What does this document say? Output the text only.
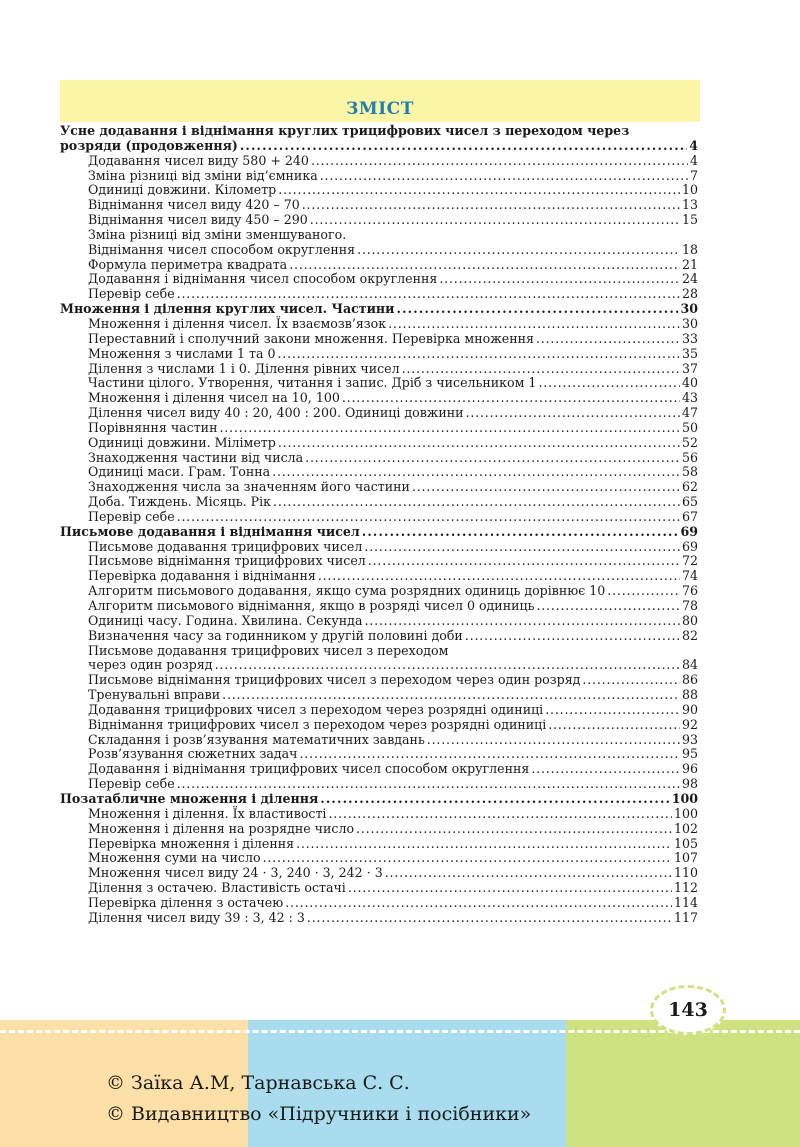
ЗМІСТ
Усне додавання і віднімання круглих трицифрових чисел з переходом через
розряди (продовження) . . .	4
Додавання чисел виду 580 + 240 . . .	4
Зміна різниці від зміни від’ємника . . .	7
Одиниці довжини. Кілометр . . .	10
Віднімання чисел виду 420 – 70 . . .	13
Віднімання чисел виду 450 – 290 . . .	15
Зміна різниці від зміни зменшуваного.
Віднімання чисел способом округлення . . .	18
Формула периметра квадрата . . .	21
Додавання і віднімання чисел способом округлення . . .	24
Перевір себе . . .	28
Множення і ділення круглих чисел. Частини . . .	30
Множення і ділення чисел. Їх взаємозв’язок . . .	30
Переставний і сполучний закони множення. Перевірка множення . . .	33
Множення з числами 1 та 0 . . .	35
Ділення з числами 1 і 0. Ділення рівних чисел . . .	37
Частини цілого. Утворення, читання і запис. Дріб з чисельником 1 . . .	40
Множення і ділення чисел на 10, 100 . . .	43
Ділення чисел виду 40 : 20, 400 : 200. Одиниці довжини . . .	47
Порівняння частин . . .	50
Одиниці довжини. Міліметр . . .	52
Знаходження частини від числа . . .	56
Одиниці маси. Грам. Тонна . . .	58
Знаходження числа за значенням його частини . . .	62
Доба. Тиждень. Місяць. Рік . . .	65
Перевір себе . . .	67
Письмове додавання і віднімання чисел . . .	69
Письмове додавання трицифрових чисел . . .	69
Письмове віднімання трицифрових чисел . . .	72
Перевірка додавання і віднімання . . .	74
Алгоритм письмового додавання, якщо сума розрядних одиниць дорівнює 10 . . .	76
Алгоритм письмового віднімання, якщо в розряді чисел 0 одиниць . . .	78
Одиниці часу. Година. Хвилина. Секунда . . .	80
Визначення часу за годинником у другій половині доби . . .	82
Письмове додавання трицифрових чисел з переходом
через один розряд . . .	84
Письмове віднімання трицифрових чисел з переходом через один розряд . . .	86
Тренувальні вправи . . .	88
Додавання трицифрових чисел з переходом через розрядні одиниці . . .	90
Віднімання трицифрових чисел з переходом через розрядні одиниці . . .	92
Складання і розв’язування математичних завдань . . .	93
Розв’язування сюжетних задач . . .	95
Додавання і віднімання трицифрових чисел способом округлення . . .	96
Перевір себе . . .	98
Позатабличне множення і ділення . . .	100
Множення і ділення. Їх властивості . . .	100
Множення і ділення на розрядне число . . .	102
Перевірка множення і ділення . . .	105
Множення суми на число . . .	107
Множення чисел виду 24 · 3, 240 · 3, 242 · 3 . . .	110
Ділення з остачею. Властивість остачі . . .	112
Перевірка ділення з остачею . . .	114
Ділення чисел виду 39 : 3, 42 : 3 . . .	117
143
© Заїка А.М, Тарнавська С. С.
© Видавництво «Підручники і посібники»
